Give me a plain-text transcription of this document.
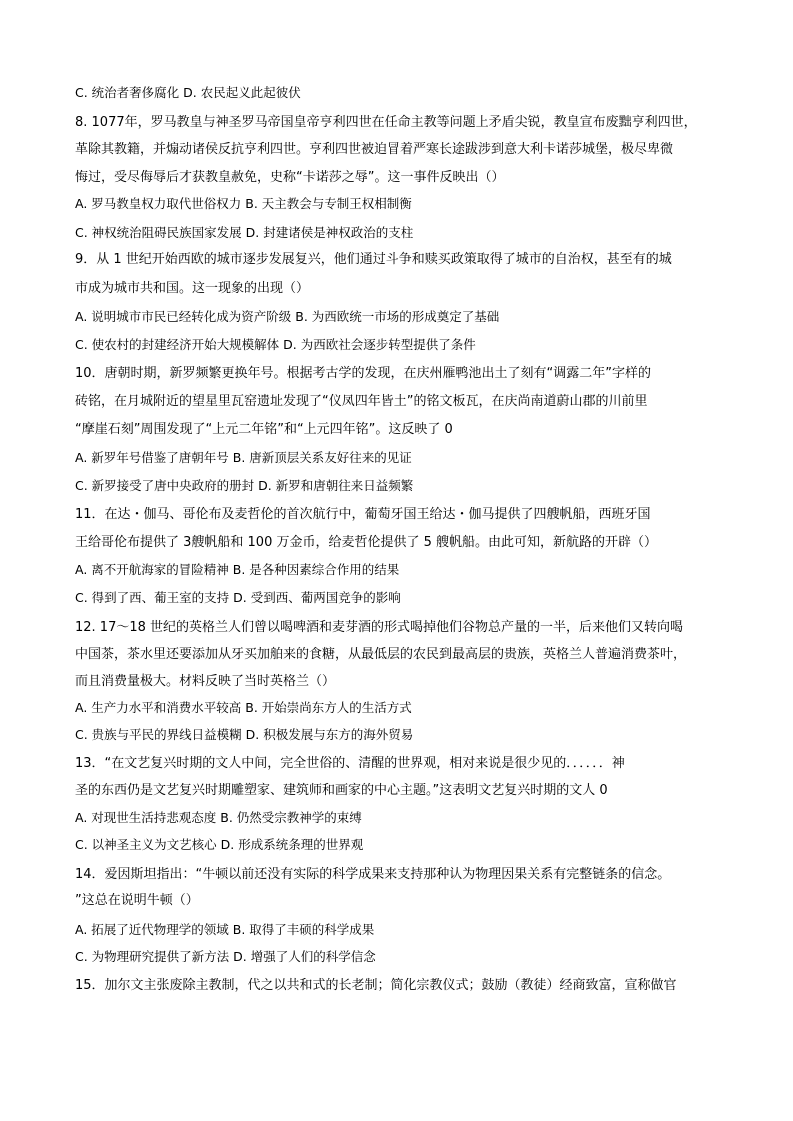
C. 统治者奢侈腐化 D. 农民起义此起彼伏
8. 1077年，罗马教皇与神圣罗马帝国皇帝亨利四世在任命主教等问题上矛盾尖锐，教皇宣布废黜亨利四世，
革除其教籍，并煽动诸侯反抗亨利四世。亨利四世被迫冒着严寒长途跋涉到意大利卡诺莎城堡，极尽卑微
悔过，受尽侮辱后才获教皇赦免，史称“卡诺莎之辱”。这一事件反映出（）
A. 罗马教皇权力取代世俗权力 B. 天主教会与专制王权相制衡
C. 神权统治阻碍民族国家发展 D. 封建诸侯是神权政治的支柱
9．从 1 世纪开始西欧的城市逐步发展复兴，他们通过斗争和赎买政策取得了城市的自治权，甚至有的城
市成为城市共和国。这一现象的出现（）
A. 说明城市市民已经转化成为资产阶级 B. 为西欧统一市场的形成奠定了基础
C. 使农村的封建经济开始大规模解体 D. 为西欧社会逐步转型提供了条件
10．唐朝时期，新罗频繁更换年号。根据考古学的发现，在庆州雁鸭池出土了刻有“调露二年”字样的
砖铭，在月城附近的望星里瓦窑遗址发现了“仪凤四年皆土”的铭文板瓦，在庆尚南道蔚山郡的川前里
“摩崖石刻”周围发现了“上元二年铭”和“上元四年铭”。这反映了 0
A. 新罗年号借鉴了唐朝年号 B. 唐新顶层关系友好往来的见证
C. 新罗接受了唐中央政府的册封 D. 新罗和唐朝往来日益频繁
11．在达・伽马、哥伦布及麦哲伦的首次航行中，葡萄牙国王给达・伽马提供了四艘帆船，西班牙国
王给哥伦布提供了 3艘帆船和 100 万金币，给麦哲伦提供了 5 艘帆船。由此可知，新航路的开辟（）
A. 离不开航海家的冒险精神 B. 是各种因素综合作用的结果
C. 得到了西、葡王室的支持 D. 受到西、葡两国竞争的影响
12. 17～18 世纪的英格兰人们曾以喝啤酒和麦芽酒的形式喝掉他们谷物总产量的一半，后来他们又转向喝
中国茶，茶水里还要添加从牙买加舶来的食糖，从最低层的农民到最高层的贵族，英格兰人普遍消费茶叶，
而且消费量极大。材料反映了当时英格兰（）
A. 生产力水平和消费水平较高 B. 开始崇尚东方人的生活方式
C. 贵族与平民的界线日益模糊 D. 积极发展与东方的海外贸易
13．“在文艺复兴时期的文人中间，完全世俗的、清醒的世界观，相对来说是很少见的．．．．．．神
圣的东西仍是文艺复兴时期雕塑家、建筑师和画家的中心主题。”这表明文艺复兴时期的文人 0
A. 对现世生活持悲观态度 B. 仍然受宗教神学的束缚
C. 以神圣主义为文艺核心 D. 形成系统条理的世界观
14．爱因斯坦指出：“牛顿以前还没有实际的科学成果来支持那种认为物理因果关系有完整链条的信念。
”这总在说明牛顿（）
A. 拓展了近代物理学的领域 B. 取得了丰硕的科学成果
C. 为物理研究提供了新方法 D. 增强了人们的科学信念
15．加尔文主张废除主教制，代之以共和式的长老制；简化宗教仪式；鼓励（教徒）经商致富，宣称做官
